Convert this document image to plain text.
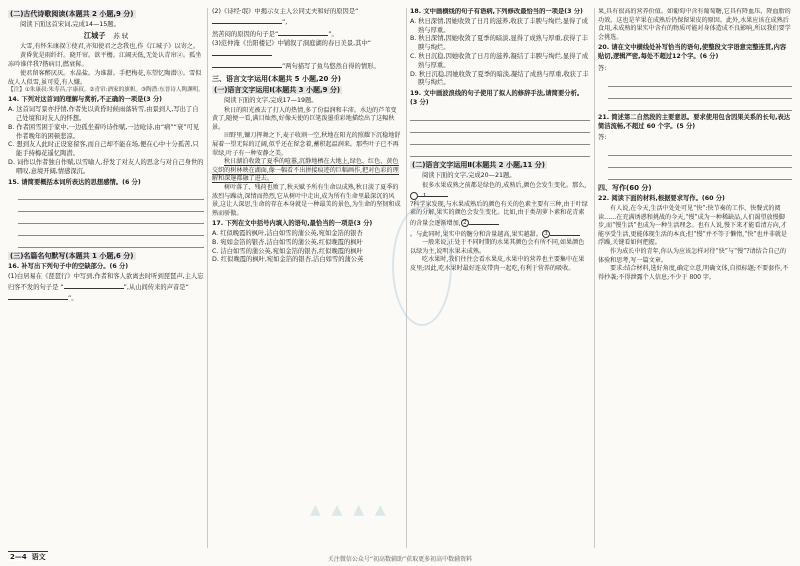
(二)古代诗歌阅读(本题共 2 小题,9 分)
阅读下面这首宋词,完成14—15题。
江城子 苏 轼
大雪,有怀朱康叔①使君,亦知使君之念我也,作《江城子》以寄之。
黄昏犹是雨纤纤。晓开帘。欲平檐。江阔天低,无处认青帘②。孤坐冻吟谁伴我?揩病目,撚衰髯。
使君留客醉厌厌。水晶盐。为谁甜。手把梅花,东望忆陶潜③。雪似故人人似雪,虽可爱,有人嫌。
【注】①朱康叔:朱寿昌,字康叔。②青帘:酒家的旗帜。③陶潜:东晋诗人陶渊明。
14. 下列对这首词的理解与赏析,不正确的一项是(3 分)
A. 这首词写景亦抒情,作者先以黄昏时候雨落转雪,由景到人,写出了自己处境和对友人的怀想。
B. 作者困雪困于家中,一边孤坐着吟诗作赋,一边呛诗,由“病”“衰”可见作者晚年的困顿悲凉。
C. 想到友人此时正设宴留客,而自己却不能在场,便在心中十分孤苦,只能手持梅花遥忆陶潜。
D. 词作以作者独自作赋,以雪喻人,抒发了对友人的思念与对自己身世的喟叹,意境开阔,情感深沉。
15. 请简要概括本词所表达的思想感情。(6 分)
(三)名篇名句默写(本题共 1 小题,6 分)
16. 补写出下列句子中的空缺部分。(6 分)
(1)白居易在《琵琶行》中写到,作者和客人欲离去时听到琵琶声,主人忘归客不发的句子是 “	”,从山间传来的声音是“”。
(2)《诗经·氓》中揭示女主人公同丈夫和好的原因是“”,
然苦闷的原因的句子是“	”。
(3)范仲淹《岳阳楼记》中铺叙了洞庭湖的春日美景,其中“
”两句描写了鱼鸟悠然自得的情形。
三、语言文字运用(本题共 5 小题,20 分)
(一)语言文字运用Ⅰ(本题共 3 小题,9 分)
阅读下面的文字,完成17—19题。
秋日的阳光被去了打人的热情,多了份温润和丰沛。水边的芦苇变黄了,随便一看,满目灿然,好像天使的巨笔泼墨重彩地描绘出了这幅秋景。
田野里,镰刀挥舞之下,麦子收割一空,秋地在阳光的照耀下沉稳地舒展着一望无际的辽阔,似乎还在留念着,蓄积起温润来。那些叶子已不再翠绿,叶子有一种安静之美。
秋日湖泊收敛了夏季的喧嚣,沉静地栖在大地上,绿色、红色、黄色交织的树林映在湖面,像一幅看不出拼接痕迹的巨幅画作,把对色彩的理解和深邃都融了进去。
树叶落了、残荷也败了,秋天赋予所有生命以成熟,秋日淡了夏季的浓烈与躁动,深情而热烈,它从树叶中走出,成为所有生命里最深沉的风景,这让人深思,生命的存在本身就是一种最美的景色,为生命的坚韧和成熟而骄傲。
17. 下列在文中括号内填入的语句,最恰当的一项是(3 分)
A. 红似晚霞的枫叶,洁白如雪的蒲公英,宛如金箔的银杏
B. 宛如金箔的银杏,洁白如雪的蒲公英,红似晚霞的枫叶
C. 洁白如雪的蒲公英,宛如金箔的银杏,红似晚霞的枫叶
D. 红似晚霞的枫叶,宛如金箔的银杏,洁白如雪的蒲公英
18. 文中画横线的句子有语病,下列修改最恰当的一项是(3 分)
A. 秋日深情,因她收敛了日月的滋养,收获了丰腴与绚烂,显得了成熟与厚重。
B. 秋日深情,因她收敛了夏季的暗淡,显得了成熟与厚重,获得了丰腴与绚烂。
C. 秋日沉稳,因她收敛了日月的滋养,凝结了丰腴与绚烂,显得了成熟与厚重。
D. 秋日沉稳,因她收敛了夏季的暗淡,凝结了成熟与厚重,收获了丰腴与绚烂。
19. 文中画波浪线的句子使用了拟人的修辞手法,请简要分析。(3 分)
(二)语言文字运用Ⅱ(本题共 2 小题,11 分)
阅读下面的文字,完成20—21题。
很多水果成熟之前都是绿色的,成熟后,颜色会发生变化。那么,1
?科学家发现,与水果成熟后的颜色有关的色素主要有三种,由于叶绿素的分解,果实的颜色会发生变化。比如,由于类胡萝卜素和花青素的含量会逐渐增加, 2
。与此同时,果实中的糖分和含量越高,果实越甜。 3
一般来说,正处于不同时期的水果其颜色会有所不同,如果颜色以绿为主,说明水果未成熟。
吃水果时,我们往往会看水果皮,水果中的营养也主要集中在果皮里;因此,吃水果时最好连皮带肉一起吃,有利于营养的吸收。
果,具有很高的营养价值。如葡萄中含有葡萄糖,它具有降血压、降血脂的功效。这也是苹果在成熟后仍保留果皮的原因。此外,水果应该在成熟后食用,未成熟的果实中含有的物质可能对身体造成不良影响,所以我们要学会挑选。
20. 请在文中横线处补写恰当的语句,使整段文字语意完整连贯,内容贴切,逻辑严密,每处不超过12个字。(6 分)
答:
21. 简述第二自然段的主要意思。要求使用包含因果关系的长句,表达简洁流畅,不超过 60 个字。(5 分)
答:
四、写作(60 分)
22. 阅读下面的材料,根据要求写作。(60 分)
有人说,在今天,生活中处处可见“快”:快节奏的工作、快餐式的阅读……在充满诱惑和挑战的今天,“慢”成为一种稀缺品,人们渴望放慢脚步,而“慢生活”也成为一种生活理念。也有人说,慢下来才能看清方向,才能享受生活,更能体现生活的本真;但“慢”并不等于懒惰,“快”也并非就是浮躁,关键看如何把握。
作为成长中的青年,你认为应该怎样对待“快”与“慢”?请结合自己的体验和思考,写一篇文章。
要求:结合材料,选好角度,确定立意,明确文体,自拟标题;不要套作,不得抄袭;不得泄露个人信息;不少于 800 字。
▲ ▲ ▲ ▲
2—4 语文	关注微信公众号“初高数辅助”获取更多初高中数辅资料
